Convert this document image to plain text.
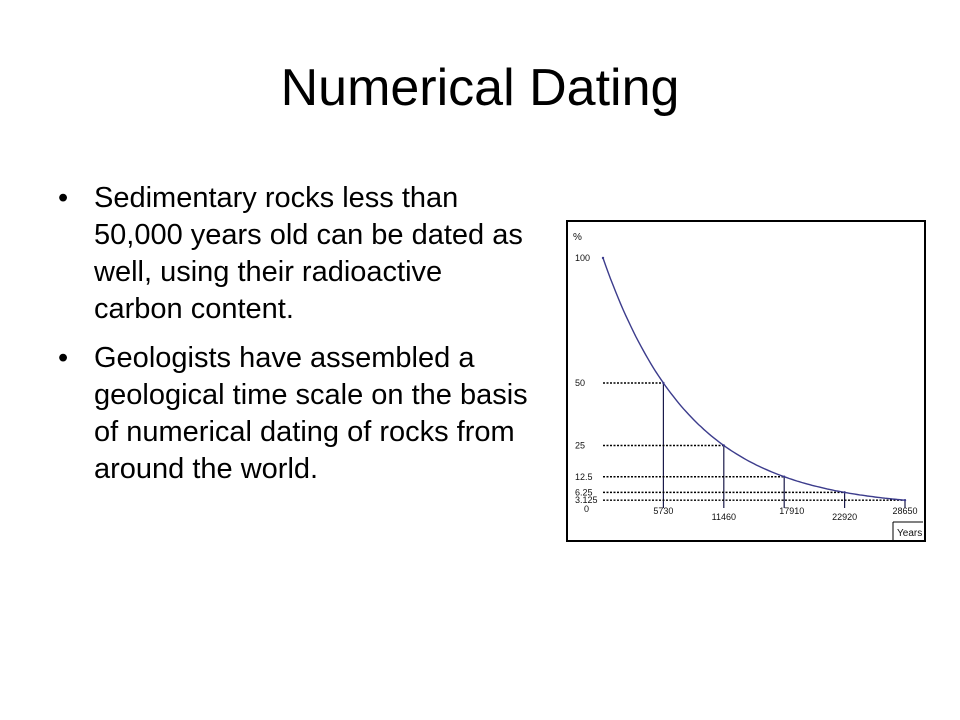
Numerical Dating
• Sedimentary rocks less than 50,000 years old can be dated as well, using their radioactive carbon content.
• Geologists have assembled a geological time scale on the basis of numerical dating of rocks from around the world.
%
100
50
25
12.5
6.25
3.125
0	5730
11460
17910
22920
28650
Years
